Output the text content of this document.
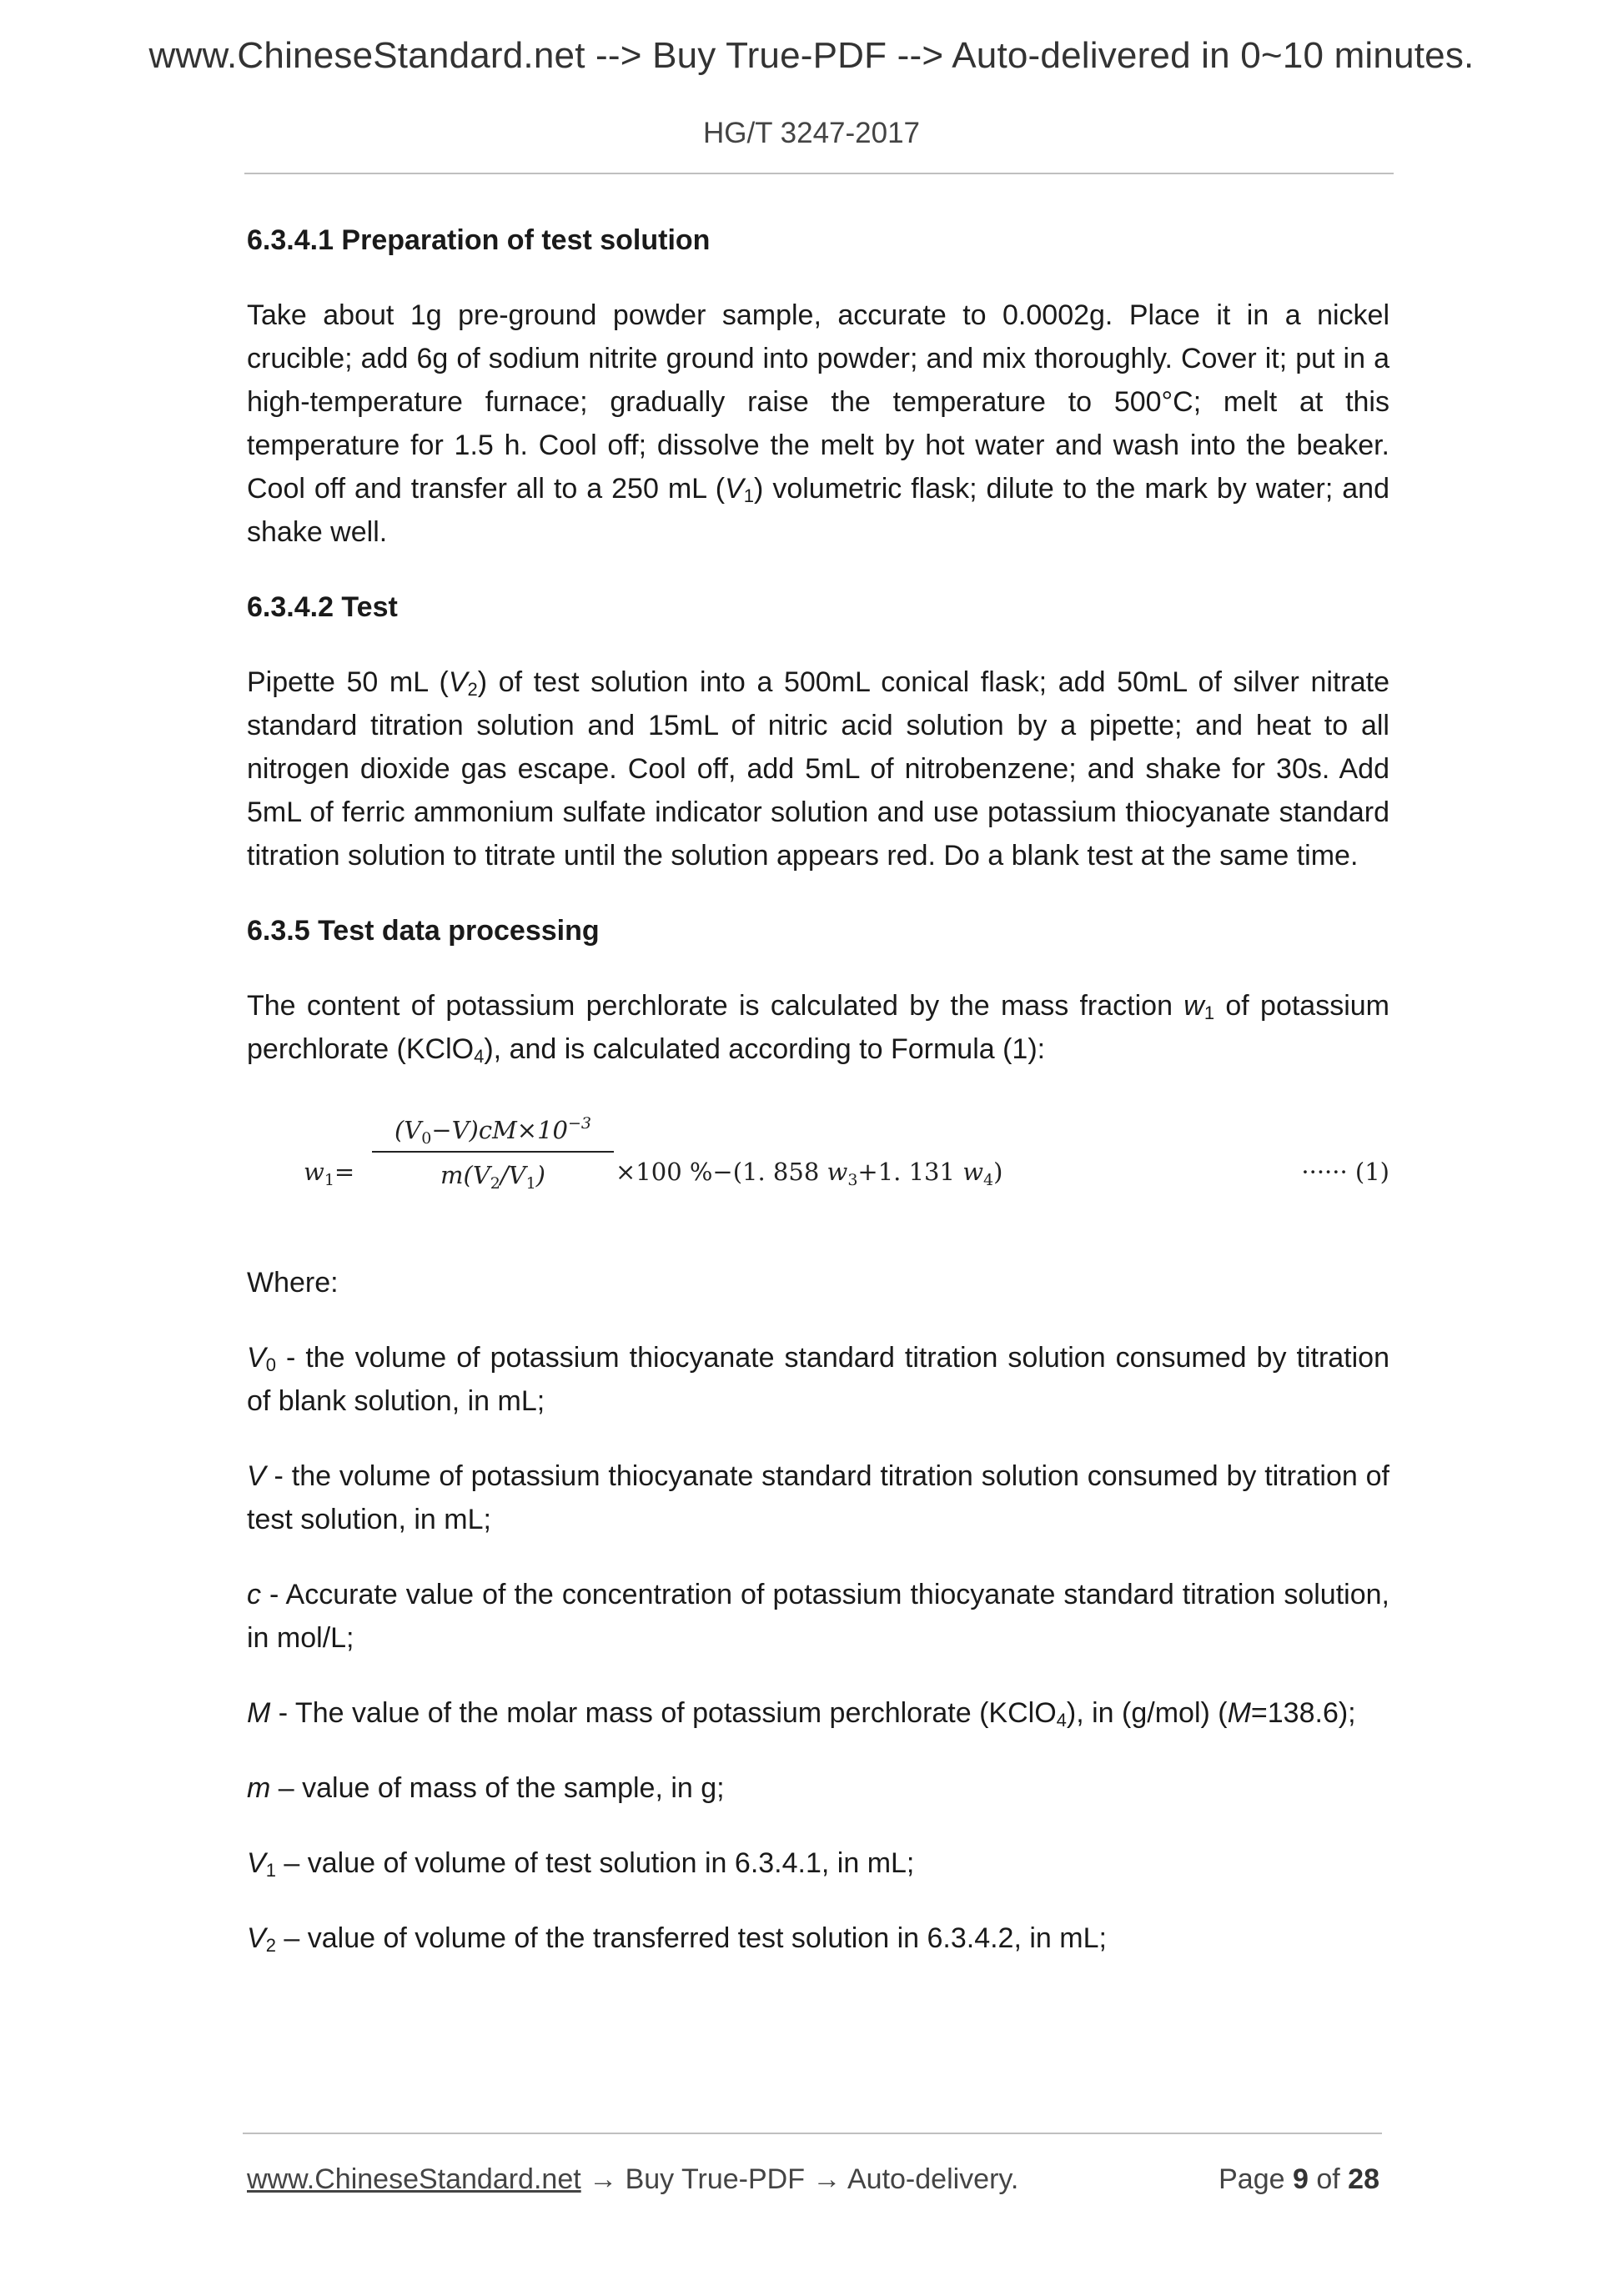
www.ChineseStandard.net --> Buy True-PDF --> Auto-delivered in 0~10 minutes.
HG/T 3247-2017
6.3.4.1 Preparation of test solution
Take about 1g pre-ground powder sample, accurate to 0.0002g. Place it in a nickel crucible; add 6g of sodium nitrite ground into powder; and mix thoroughly. Cover it; put in a high-temperature furnace; gradually raise the temperature to 500°C; melt at this temperature for 1.5 h. Cool off; dissolve the melt by hot water and wash into the beaker. Cool off and transfer all to a 250 mL $(V_1)$ volumetric flask; dilute to the mark by water; and shake well.
6.3.4.2 Test
Pipette 50 mL $(V_2)$ of test solution into a 500mL conical flask; add 50mL of silver nitrate standard titration solution and 15mL of nitric acid solution by a pipette; and heat to all nitrogen dioxide gas escape. Cool off, add 5mL of nitrobenzene; and shake for 30s. Add 5mL of ferric ammonium sulfate indicator solution and use potassium thiocyanate standard titration solution to titrate until the solution appears red. Do a blank test at the same time.
6.3.5 Test data processing
The content of potassium perchlorate is calculated by the mass fraction $w_1$ of potassium perchlorate (KClO$_4$), and is calculated according to Formula (1):
$w_1=$
$(V_0-V)cM\times 10^{-3}$
$m(V_2/V_1)$	×100 %−(1. 858 $w_3+1$. 131 $w_4$)	······ (1)
Where:
$V_0$ - the volume of potassium thiocyanate standard titration solution consumed by titration of blank solution, in mL;
V - the volume of potassium thiocyanate standard titration solution consumed by titration of test solution, in mL;
c - Accurate value of the concentration of potassium thiocyanate standard titration solution, in mol/L;
M - The value of the molar mass of potassium perchlorate (KClO$_4$), in (g/mol) (M=138.6);
m – value of mass of the sample, in g;
$V_1$ – value of volume of test solution in 6.3.4.1, in mL;
$V_2$ – value of volume of the transferred test solution in 6.3.4.2, in mL;
www.ChineseStandard.net → Buy True-PDF → Auto-delivery.	Page 9 of 28
